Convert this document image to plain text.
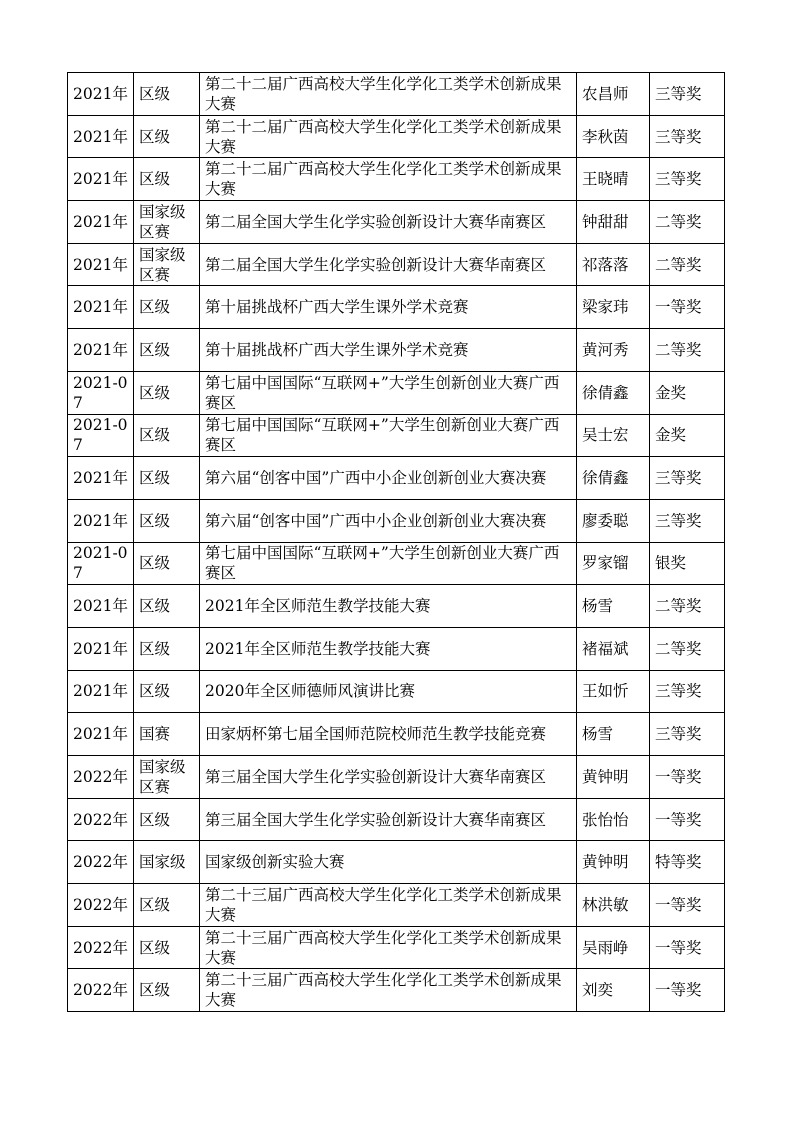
2021年	区级	第二十二届广西高校大学生化学化工类学术创新成果大赛	农昌师	三等奖
2021年	区级	第二十二届广西高校大学生化学化工类学术创新成果大赛	李秋茵	三等奖
2021年	区级	第二十二届广西高校大学生化学化工类学术创新成果大赛	王晓晴	三等奖
2021年	国家级区赛	第二届全国大学生化学实验创新设计大赛华南赛区	钟甜甜	二等奖
2021年	国家级区赛	第二届全国大学生化学实验创新设计大赛华南赛区	祁落落	二等奖
2021年	区级	第十届挑战杯广西大学生课外学术竞赛	梁家玮	一等奖
2021年	区级	第十届挑战杯广西大学生课外学术竞赛	黄河秀	二等奖
2021-07	区级	第七届中国国际“互联网+”大学生创新创业大赛广西赛区	徐倩鑫	金奖
2021-07	区级	第七届中国国际“互联网+”大学生创新创业大赛广西赛区	吴士宏	金奖
2021年	区级	第六届“创客中国”广西中小企业创新创业大赛决赛	徐倩鑫	三等奖
2021年	区级	第六届“创客中国”广西中小企业创新创业大赛决赛	廖委聪	三等奖
2021-07	区级	第七届中国国际“互联网+”大学生创新创业大赛广西赛区	罗家镏	银奖
2021年	区级	2021年全区师范生教学技能大赛	杨雪	二等奖
2021年	区级	2021年全区师范生教学技能大赛	褚福斌	二等奖
2021年	区级	2020年全区师德师风演讲比赛	王如忻	三等奖
2021年	国赛	田家炳杯第七届全国师范院校师范生教学技能竞赛	杨雪	三等奖
2022年	国家级区赛	第三届全国大学生化学实验创新设计大赛华南赛区	黄钟明	一等奖
2022年	区级	第三届全国大学生化学实验创新设计大赛华南赛区	张怡怡	一等奖
2022年	国家级	国家级创新实验大赛	黄钟明	特等奖
2022年	区级	第二十三届广西高校大学生化学化工类学术创新成果大赛	林洪敏	一等奖
2022年	区级	第二十三届广西高校大学生化学化工类学术创新成果大赛	吴雨峥	一等奖
2022年	区级	第二十三届广西高校大学生化学化工类学术创新成果大赛	刘奕	一等奖
